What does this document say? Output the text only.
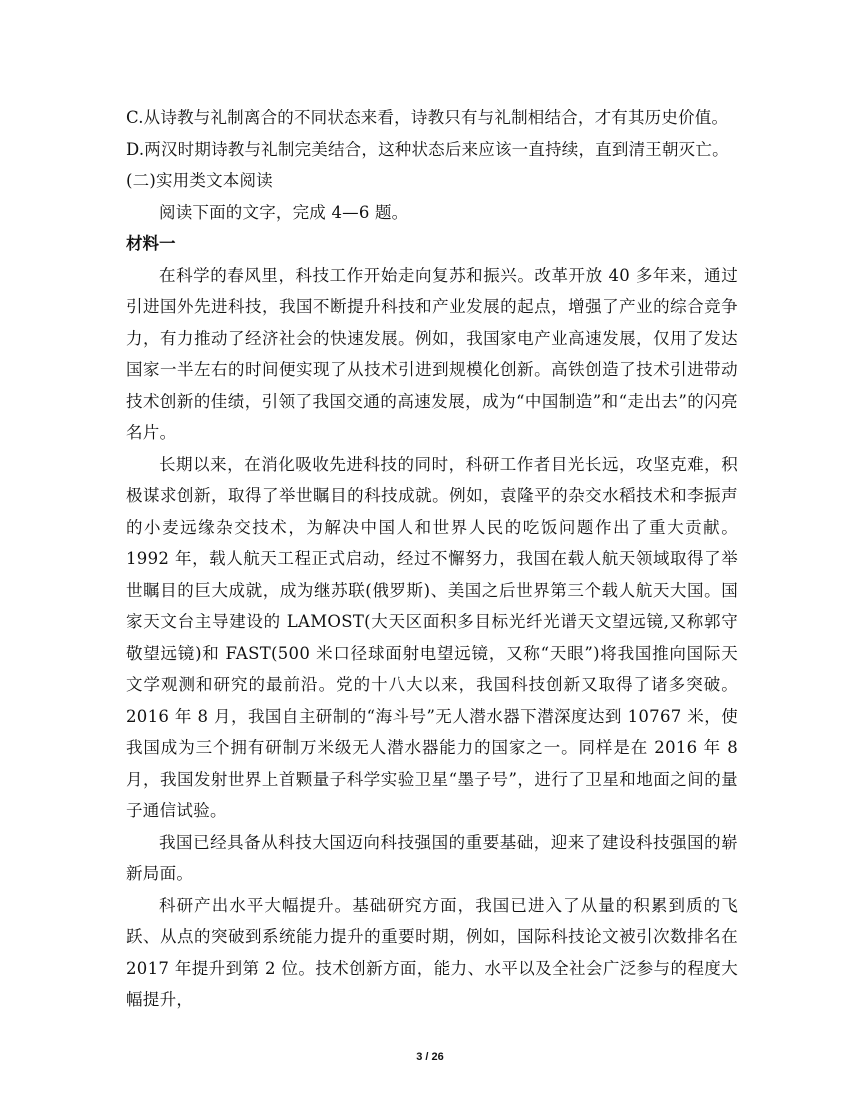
C.从诗教与礼制离合的不同状态来看，诗教只有与礼制相结合，才有其历史价值。
D.两汉时期诗教与礼制完美结合，这种状态后来应该一直持续，直到清王朝灭亡。
(二)实用类文本阅读
阅读下面的文字，完成 4—6 题。
材料一
在科学的春风里，科技工作开始走向复苏和振兴。改革开放 40 多年来，通过引进国外先进科技，我国不断提升科技和产业发展的起点，增强了产业的综合竞争力，有力推动了经济社会的快速发展。例如，我国家电产业高速发展，仅用了发达国家一半左右的时间便实现了从技术引进到规模化创新。高铁创造了技术引进带动技术创新的佳绩，引领了我国交通的高速发展，成为“中国制造”和“走出去”的闪亮名片。
长期以来，在消化吸收先进科技的同时，科研工作者目光长远，攻坚克难，积极谋求创新，取得了举世瞩目的科技成就。例如，袁隆平的杂交水稻技术和李振声的小麦远缘杂交技术，为解决中国人和世界人民的吃饭问题作出了重大贡献。1992 年，载人航天工程正式启动，经过不懈努力，我国在载人航天领域取得了举世瞩目的巨大成就，成为继苏联(俄罗斯)、美国之后世界第三个载人航天大国。国家天文台主导建设的 LAMOST(大天区面积多目标光纤光谱天文望远镜,又称郭守敬望远镜)和 FAST(500 米口径球面射电望远镜，又称“天眼”)将我国推向国际天文学观测和研究的最前沿。党的十八大以来，我国科技创新又取得了诸多突破。2016 年 8 月，我国自主研制的“海斗号”无人潜水器下潜深度达到 10767 米，使我国成为三个拥有研制万米级无人潜水器能力的国家之一。同样是在 2016 年 8 月，我国发射世界上首颗量子科学实验卫星“墨子号”，进行了卫星和地面之间的量子通信试验。
我国已经具备从科技大国迈向科技强国的重要基础，迎来了建设科技强国的崭新局面。
科研产出水平大幅提升。基础研究方面，我国已进入了从量的积累到质的飞跃、从点的突破到系统能力提升的重要时期，例如，国际科技论文被引次数排名在 2017 年提升到第 2 位。技术创新方面，能力、水平以及全社会广泛参与的程度大幅提升，
3 / 26
